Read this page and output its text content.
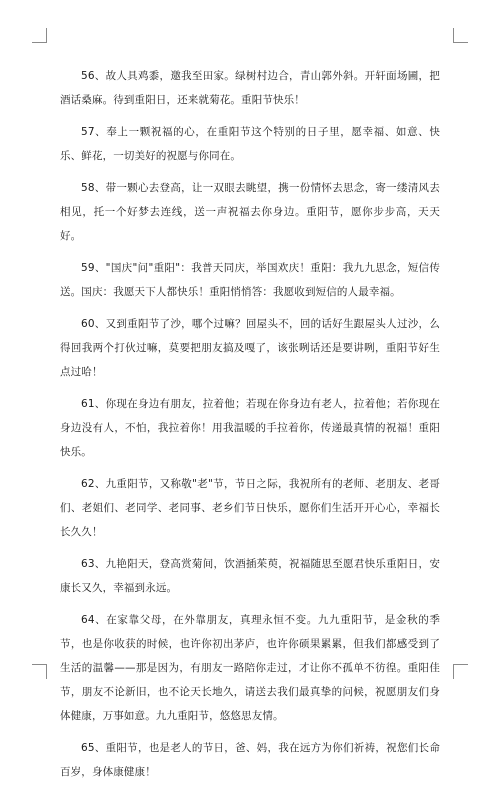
56、故人具鸡黍，邀我至田家。绿树村边合，青山郭外斜。开轩面场圃，把酒话桑麻。待到重阳日，还来就菊花。重阳节快乐！

57、奉上一颗祝福的心，在重阳节这个特别的日子里，愿幸福、如意、快乐、鲜花，一切美好的祝愿与你同在。

58、带一颗心去登高，让一双眼去眺望，携一份情怀去思念，寄一缕清风去相见，托一个好梦去连线，送一声祝福去你身边。重阳节，愿你步步高，天天好。

59、"国庆"问"重阳"：我普天同庆，举国欢庆！重阳：我九九思念，短信传送。国庆：我愿天下人都快乐！重阳悄悄答：我愿收到短信的人最幸福。

60、又到重阳节了沙，哪个过嘛？回屋头不，回的话好生跟屋头人过沙，么得回我两个打伙过嘛，莫要把朋友搞及嘎了，该张咧话还是要讲咧，重阳节好生点过哈！

61、你现在身边有朋友，拉着他；若现在你身边有老人，拉着他；若你现在身边没有人，不怕，我拉着你！用我温暖的手拉着你，传递最真情的祝福！重阳快乐。

62、九重阳节，又称敬"老"节，节日之际，我祝所有的老师、老朋友、老哥们、老姐们、老同学、老同事、老乡们节日快乐，愿你们生活开开心心，幸福长长久久！

63、九艳阳天，登高赏菊间，饮酒插茱萸，祝福随思至愿君快乐重阳日，安康长又久，幸福到永远。

64、在家靠父母，在外靠朋友，真理永恒不变。九九重阳节，是金秋的季节，也是你收获的时候，也许你初出茅庐，也许你硕果累累，但我们都感受到了生活的温馨——那是因为，有朋友一路陪你走过，才让你不孤单不彷徨。重阳佳节，朋友不论新旧，也不论天长地久，请送去我们最真挚的问候，祝愿朋友们身体健康，万事如意。九九重阳节，悠悠思友情。

65、重阳节，也是老人的节日，爸、妈，我在远方为你们祈祷，祝您们长命百岁，身体康健康！
